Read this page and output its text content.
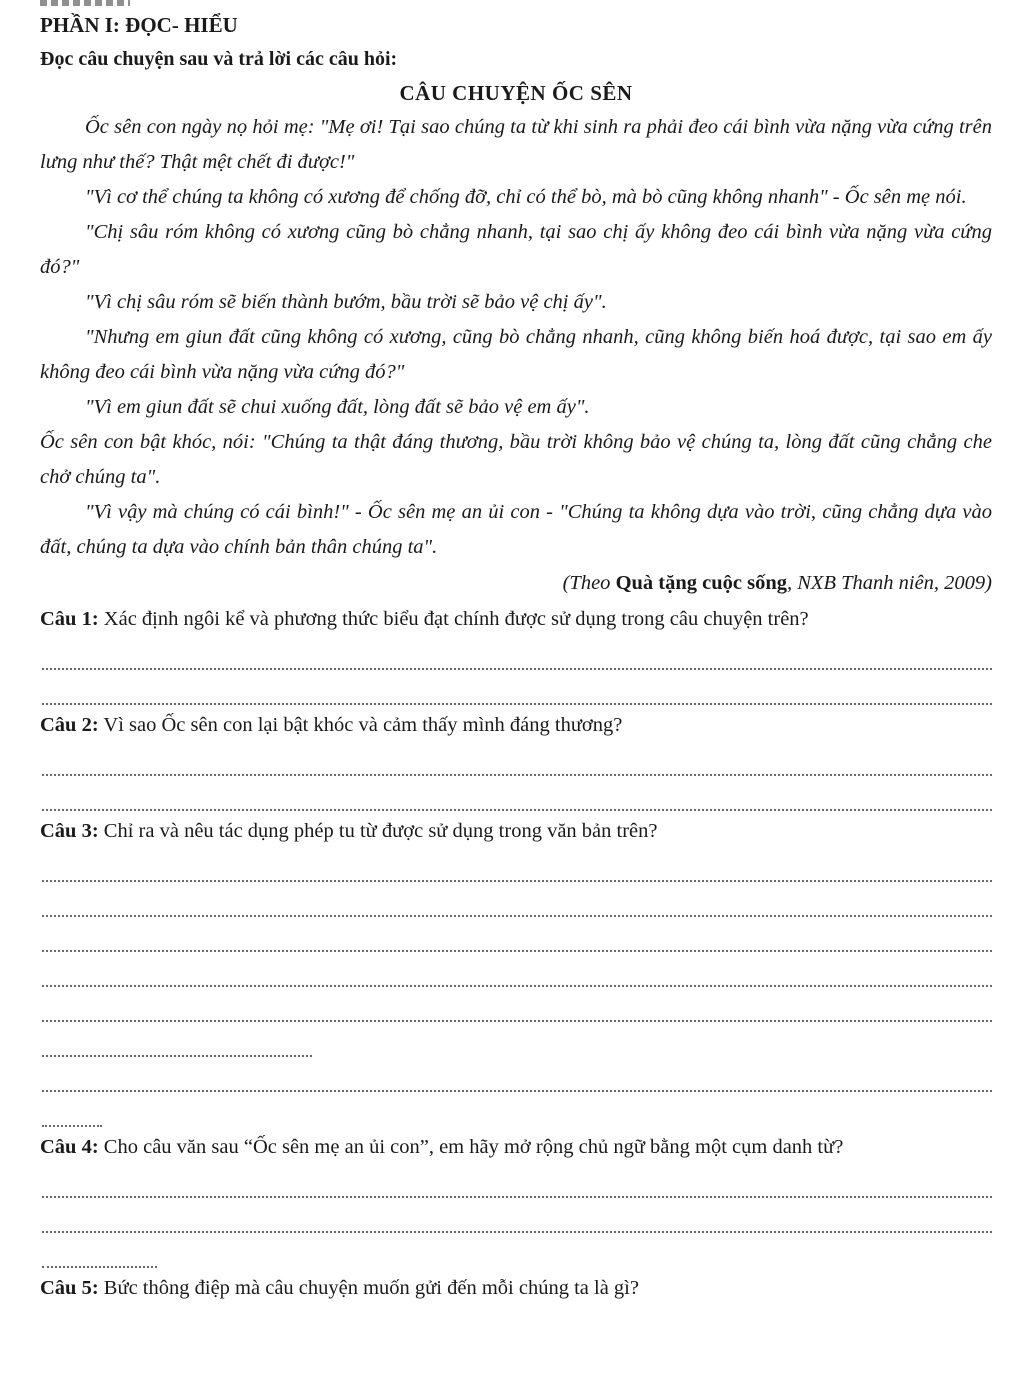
PHẦN I: ĐỌC- HIỂU

Đọc câu chuyện sau và trả lời các câu hỏi:

CÂU CHUYỆN ỐC SÊN

Ốc sên con ngày nọ hỏi mẹ: "Mẹ ơi! Tại sao chúng ta từ khi sinh ra phải đeo cái bình vừa nặng vừa cứng trên lưng như thế? Thật mệt chết đi được!"

"Vì cơ thể chúng ta không có xương để chống đỡ, chỉ có thể bò, mà bò cũng không nhanh" - Ốc sên mẹ nói.

"Chị sâu róm không có xương cũng bò chẳng nhanh, tại sao chị ấy không đeo cái bình vừa nặng vừa cứng đó?"

"Vì chị sâu róm sẽ biến thành bướm, bầu trời sẽ bảo vệ chị ấy".

"Nhưng em giun đất cũng không có xương, cũng bò chẳng nhanh, cũng không biến hoá được, tại sao em ấy không đeo cái bình vừa nặng vừa cứng đó?"

"Vì em giun đất sẽ chui xuống đất, lòng đất sẽ bảo vệ em ấy".

Ốc sên con bật khóc, nói: "Chúng ta thật đáng thương, bầu trời không bảo vệ chúng ta, lòng đất cũng chẳng che chở chúng ta".

"Vì vậy mà chúng có cái bình!" - Ốc sên mẹ an ủi con - "Chúng ta không dựa vào trời, cũng chẳng dựa vào đất, chúng ta dựa vào chính bản thân chúng ta".

(Theo Quà tặng cuộc sống, NXB Thanh niên, 2009)

Câu 1: Xác định ngôi kể và phương thức biểu đạt chính được sử dụng trong câu chuyện trên?

Câu 2: Vì sao Ốc sên con lại bật khóc và cảm thấy mình đáng thương?

Câu 3: Chỉ ra và nêu tác dụng phép tu từ được sử dụng trong văn bản trên?

Câu 4: Cho câu văn sau “Ốc sên mẹ an ủi con”, em hãy mở rộng chủ ngữ bằng một cụm danh từ?

Câu 5: Bức thông điệp mà câu chuyện muốn gửi đến mỗi chúng ta là gì?
